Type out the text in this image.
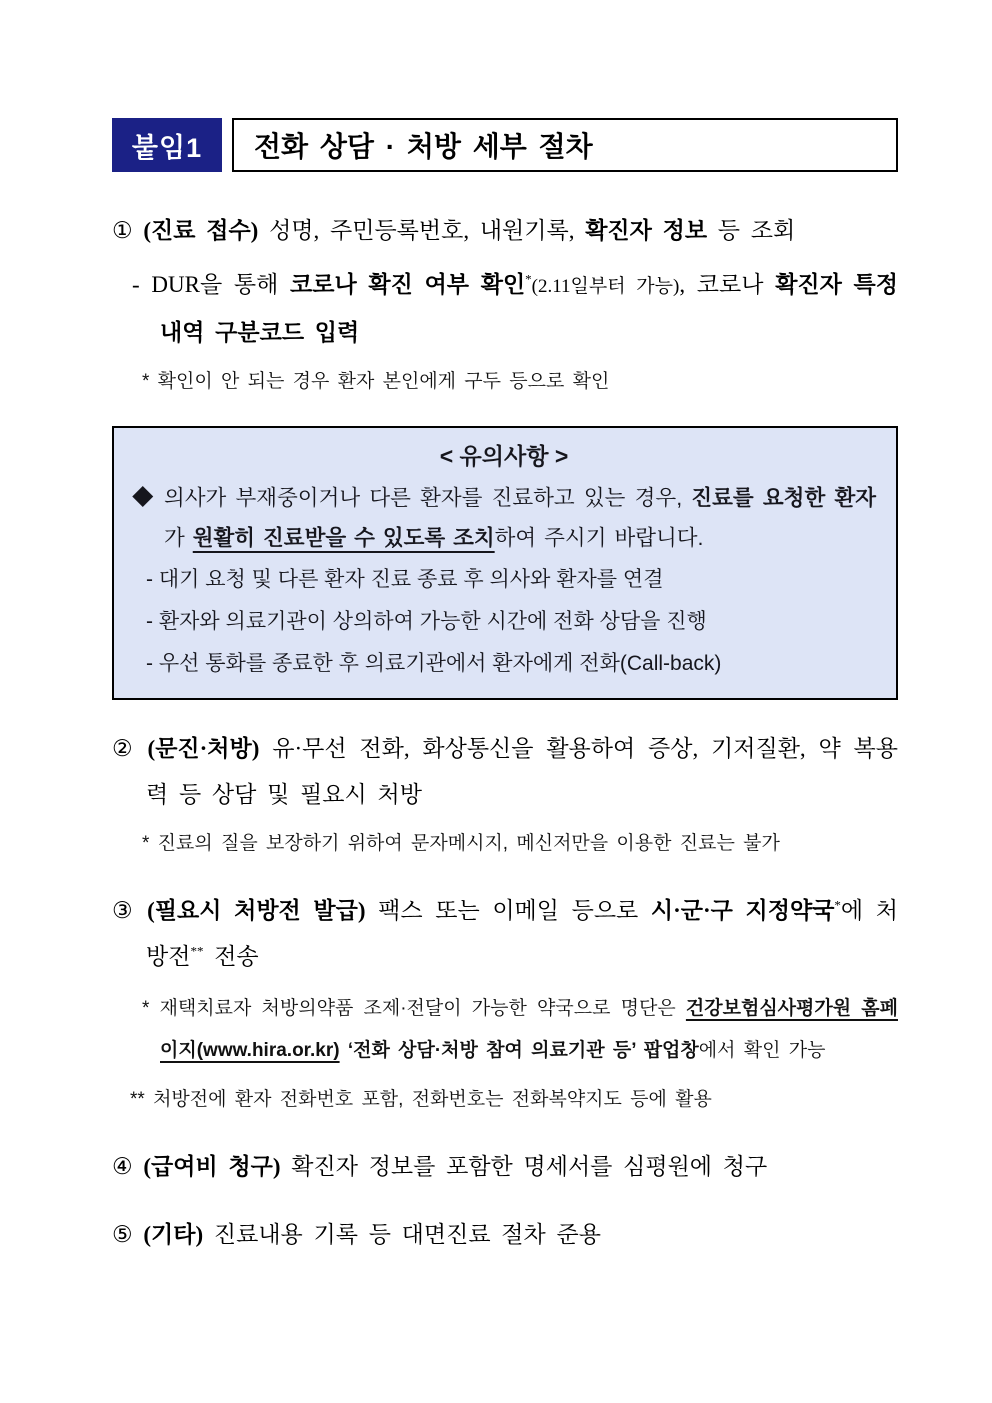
붙임1	전화 상담 · 처방 세부 절차

① (진료 접수) 성명, 주민등록번호, 내원기록, 확진자 정보 등 조회

- DUR을 통해 코로나 확진 여부 확인*(2.11일부터 가능), 코로나 확진자 특정내역 구분코드 입력

* 확인이 안 되는 경우 환자 본인에게 구두 등으로 확인

< 유의사항 >

◆ 의사가 부재중이거나 다른 환자를 진료하고 있는 경우, 진료를 요청한 환자가 원활히 진료받을 수 있도록 조치하여 주시기 바랍니다.

- 대기 요청 및 다른 환자 진료 종료 후 의사와 환자를 연결

- 환자와 의료기관이 상의하여 가능한 시간에 전화 상담을 진행

- 우선 통화를 종료한 후 의료기관에서 환자에게 전화(Call-back)

② (문진·처방) 유·무선 전화, 화상통신을 활용하여 증상, 기저질환, 약 복용력 등 상담 및 필요시 처방

* 진료의 질을 보장하기 위하여 문자메시지, 메신저만을 이용한 진료는 불가

③ (필요시 처방전 발급) 팩스 또는 이메일 등으로 시·군·구 지정약국*에 처방전** 전송

* 재택치료자 처방의약품 조제·전달이 가능한 약국으로 명단은 건강보험심사평가원 홈페이지(www.hira.or.kr) ‘전화 상담·처방 참여 의료기관 등’ 팝업창에서 확인 가능

** 처방전에 환자 전화번호 포함, 전화번호는 전화복약지도 등에 활용

④ (급여비 청구) 확진자 정보를 포함한 명세서를 심평원에 청구

⑤ (기타) 진료내용 기록 등 대면진료 절차 준용
